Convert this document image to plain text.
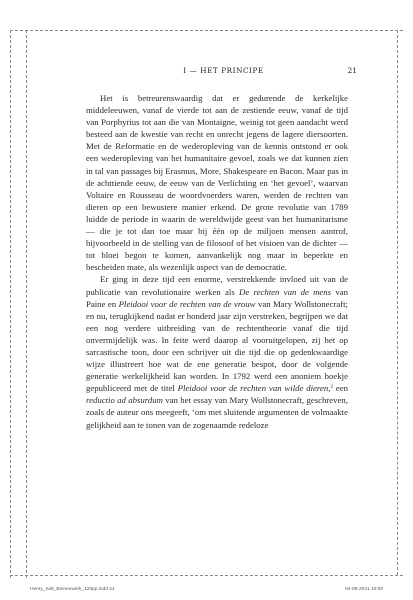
I — HET PRINCIPE	21

Het is betreurenswaardig dat er gedurende de kerkelijke middeleeuwen, vanaf de vierde tot aan de zestiende eeuw, vanaf de tijd van Porphyrius tot aan die van Montaigne, weinig tot geen aandacht werd besteed aan de kwestie van recht en onrecht jegens de lagere diersoorten. Met de Reformatie en de wederopleving van de kennis ontstond er ook een wederopleving van het humanitaire gevoel, zoals we dat kunnen zien in tal van passages bij Erasmus, More, Shakespeare en Bacon. Maar pas in de achttiende eeuw, de eeuw van de Verlichting en ‘het gevoel’, waarvan Voltaire en Rousseau de woordvoerders waren, werden de rechten van dieren op een bewustere manier erkend. De grote revolutie van 1789 luidde de periode in waarin de wereldwijde geest van het humanitarisme — die je tot dan toe maar bij één op de miljoen mensen aantrof, bijvoorbeeld in de stelling van de filosoof of het visioen van de dichter — tot bloei begon te komen, aanvankelijk nog maar in beperkte en bescheiden mate, als wezenlijk aspect van de democratie.

Er ging in deze tijd een enorme, verstrekkende invloed uit van de publicatie van revolutionaire werken als De rechten van de mens van Paine en Pleidooi voor de rechten van de vrouw van Mary Wollstonecraft; en nu, terugkijkend nadat er honderd jaar zijn verstreken, begrijpen we dat een nog verdere uitbreiding van de rechtentheorie vanaf die tijd onvermijdelijk was. In feite werd daarop al vooruitgelopen, zij het op sarcastische toon, door een schrijver uit die tijd die op gedenkwaardige wijze illustreert hoe wat de ene generatie bespot, door de volgende generatie werkelijkheid kan worden. In 1792 werd een anoniem boekje gepubliceerd met de titel Pleidooi voor de rechten van wilde dieren,$^2$ een reductio ad absurdum van het essay van Mary Wollstonecraft, geschreven, zoals de auteur ons meegeeft, ‘om met sluitende argumenten de volmaakte gelijkheid aan te tonen van de zogenaamde redeloze

Henry_Salt_Binnenwerk_120pp.indd 21	04-08-2021 10:00
